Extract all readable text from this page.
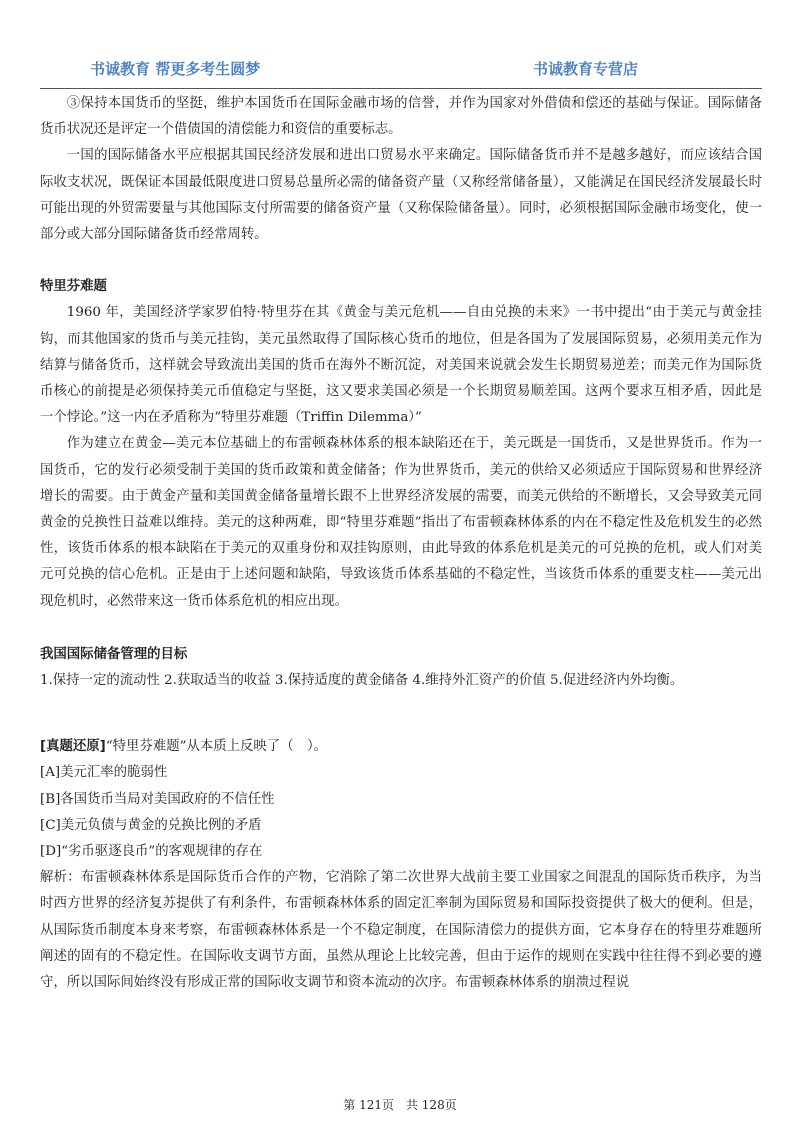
书诚教育 帮更多考生圆梦	书诚教育专营店

③保持本国货币的坚挺，维护本国货币在国际金融市场的信誉，并作为国家对外借债和偿还的基础与保证。国际储备货币状况还是评定一个借债国的清偿能力和资信的重要标志。

一国的国际储备水平应根据其国民经济发展和进出口贸易水平来确定。国际储备货币并不是越多越好，而应该结合国际收支状况，既保证本国最低限度进口贸易总量所必需的储备资产量（又称经常储备量），又能满足在国民经济发展最长时可能出现的外贸需要量与其他国际支付所需要的储备资产量（又称保险储备量）。同时，必须根据国际金融市场变化，使一部分或大部分国际储备货币经常周转。

特里芬难题

1960 年，美国经济学家罗伯特·特里芬在其《黄金与美元危机——自由兑换的未来》一书中提出“由于美元与黄金挂钩，而其他国家的货币与美元挂钩，美元虽然取得了国际核心货币的地位，但是各国为了发展国际贸易，必须用美元作为结算与储备货币，这样就会导致流出美国的货币在海外不断沉淀，对美国来说就会发生长期贸易逆差；而美元作为国际货币核心的前提是必须保持美元币值稳定与坚挺，这又要求美国必须是一个长期贸易顺差国。这两个要求互相矛盾，因此是一个悖论。”这一内在矛盾称为“特里芬难题（Triffin Dilemma）”

作为建立在黄金—美元本位基础上的布雷顿森林体系的根本缺陷还在于，美元既是一国货币，又是世界货币。作为一国货币，它的发行必须受制于美国的货币政策和黄金储备；作为世界货币，美元的供给又必须适应于国际贸易和世界经济增长的需要。由于黄金产量和美国黄金储备量增长跟不上世界经济发展的需要，而美元供给的不断增长，又会导致美元同黄金的兑换性日益难以维持。美元的这种两难，即“特里芬难题”指出了布雷顿森林体系的内在不稳定性及危机发生的必然性，该货币体系的根本缺陷在于美元的双重身份和双挂钩原则，由此导致的体系危机是美元的可兑换的危机，或人们对美元可兑换的信心危机。正是由于上述问题和缺陷，导致该货币体系基础的不稳定性，当该货币体系的重要支柱——美元出现危机时，必然带来这一货币体系危机的相应出现。

我国国际储备管理的目标

1.保持一定的流动性 2.获取适当的收益 3.保持适度的黄金储备 4.维持外汇资产的价值 5.促进经济内外均衡。

[真题还原]“特里芬难题”从本质上反映了（　）。

[A]美元汇率的脆弱性

[B]各国货币当局对美国政府的不信任性

[C]美元负债与黄金的兑换比例的矛盾

[D]“劣币驱逐良币”的客观规律的存在

解析：布雷顿森林体系是国际货币合作的产物，它消除了第二次世界大战前主要工业国家之间混乱的国际货币秩序，为当时西方世界的经济复苏提供了有利条件，布雷顿森林体系的固定汇率制为国际贸易和国际投资提供了极大的便利。但是，从国际货币制度本身来考察，布雷顿森林体系是一个不稳定制度，在国际清偿力的提供方面，它本身存在的特里芬难题所阐述的固有的不稳定性。在国际收支调节方面，虽然从理论上比较完善，但由于运作的规则在实践中往往得不到必要的遵守，所以国际间始终没有形成正常的国际收支调节和资本流动的次序。布雷顿森林体系的崩溃过程说

第 121页　共 128页
